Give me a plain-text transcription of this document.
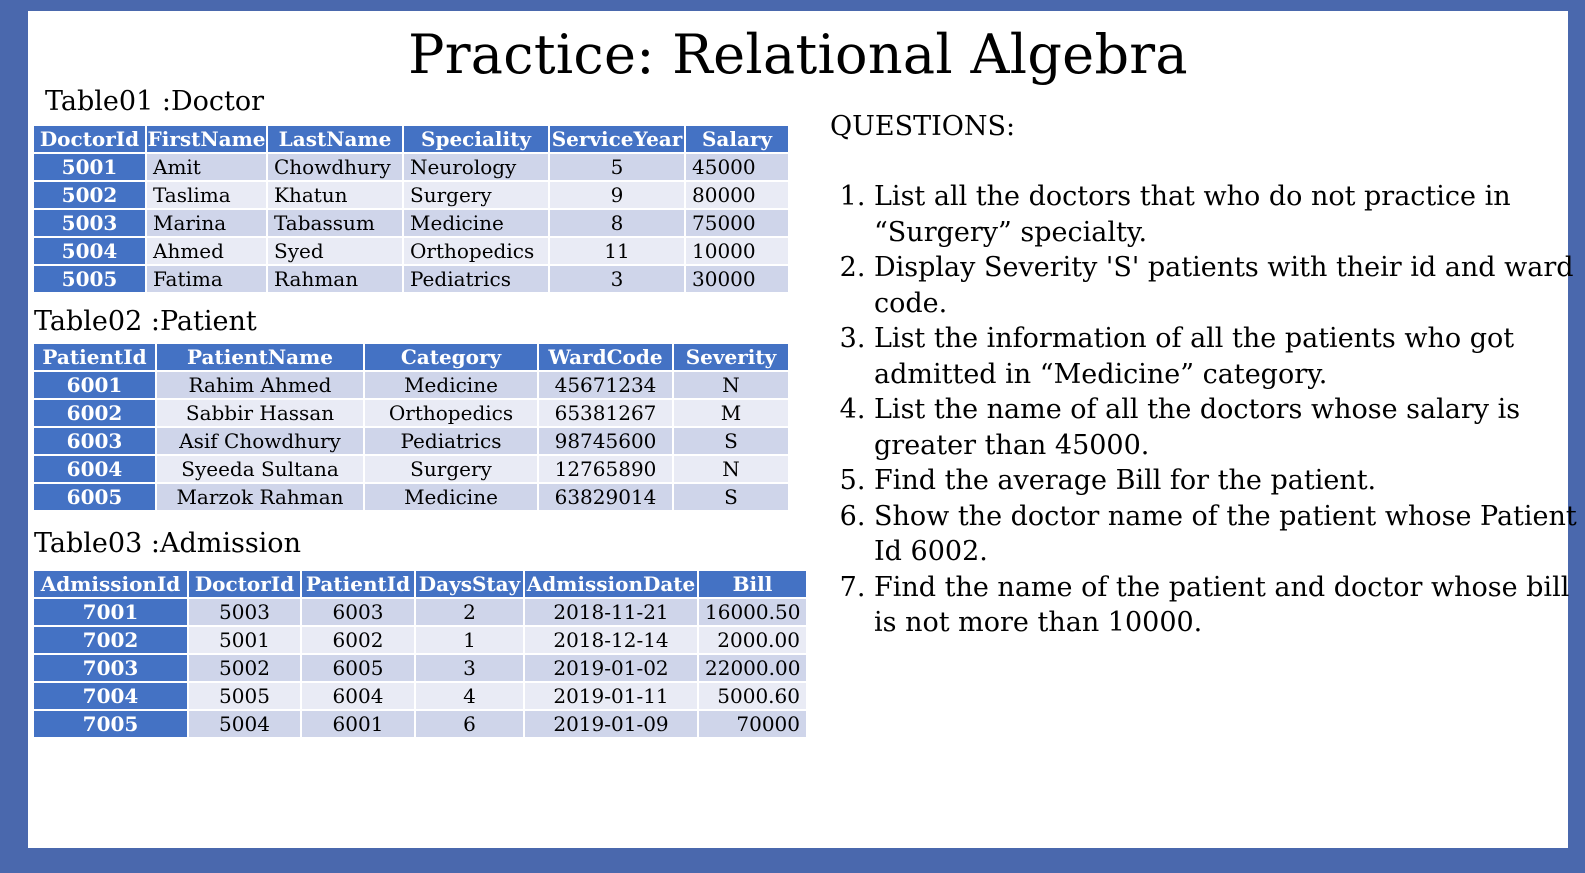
Practice: Relational Algebra
Table01 :Doctor
DoctorId	FirstName	LastName	Speciality	ServiceYear	Salary
5001	Amit	Chowdhury	Neurology	5	45000
5002	Taslima	Khatun	Surgery	9	80000
5003	Marina	Tabassum	Medicine	8	75000
5004	Ahmed	Syed	Orthopedics	11	10000
5005	Fatima	Rahman	Pediatrics	3	30000
Table02 :Patient
PatientId	PatientName	Category	WardCode	Severity
6001	Rahim Ahmed	Medicine	45671234	N
6002	Sabbir Hassan	Orthopedics	65381267	M
6003	Asif Chowdhury	Pediatrics	98745600	S
6004	Syeeda Sultana	Surgery	12765890	N
6005	Marzok Rahman	Medicine	63829014	S
Table03 :Admission
AdmissionId	DoctorId	PatientId	DaysStay	AdmissionDate	Bill
7001	5003	6003	2	2018-11-21	16000.50
7002	5001	6002	1	2018-12-14	2000.00
7003	5002	6005	3	2019-01-02	22000.00
7004	5005	6004	4	2019-01-11	5000.60
7005	5004	6001	6	2019-01-09	70000
QUESTIONS:
1. List all the doctors that who do not practice in “Surgery” specialty.
2. Display Severity 'S' patients with their id and ward code.
3. List the information of all the patients who got admitted in “Medicine” category.
4. List the name of all the doctors whose salary is greater than 45000.
5. Find the average Bill for the patient.
6. Show the doctor name of the patient whose Patient Id 6002.
7. Find the name of the patient and doctor whose bill is not more than 10000.
